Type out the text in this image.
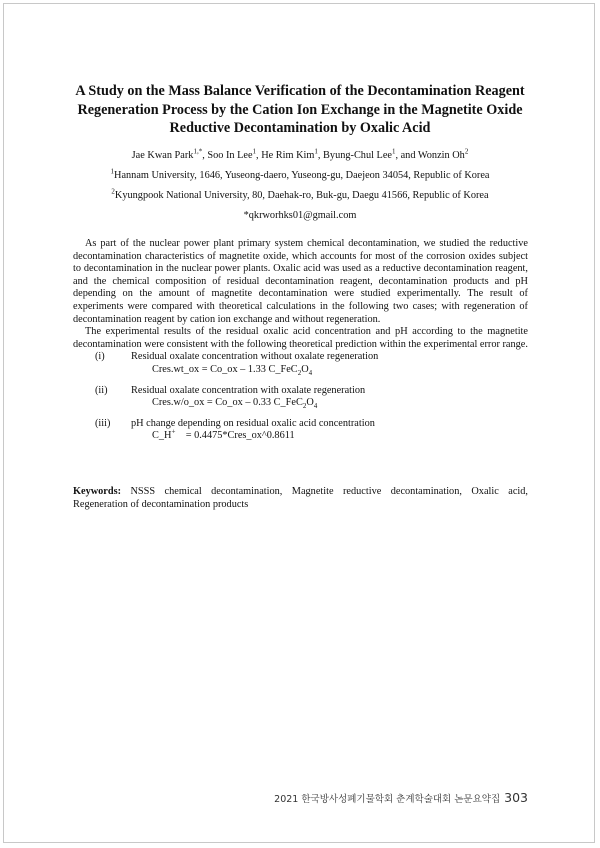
A Study on the Mass Balance Verification of the Decontamination Reagent
Regeneration Process by the Cation Ion Exchange in the Magnetite Oxide
Reductive Decontamination by Oxalic Acid
Jae Kwan Park$^{1,*}$, Soo In Lee$^1$, He Rim Kim$^1$, Byung-Chul Lee$^1$, and Wonzin Oh$^2$
$^1$Hannam University, 1646, Yuseong-daero, Yuseong-gu, Daejeon 34054, Republic of Korea
$^2$Kyungpook National University, 80, Daehak-ro, Buk-gu, Daegu 41566, Republic of Korea
*qkrworhks01@gmail.com

As part of the nuclear power plant primary system chemical decontamination, we studied the reductive decontamination characteristics of magnetite oxide, which accounts for most of the corrosion oxides subject to decontamination in the nuclear power plants. Oxalic acid was used as a reductive decontamination reagent, and the chemical composition of residual decontamination reagent, decontamination products and pH depending on the amount of magnetite decontamination were studied experimentally. The result of experiments were compared with theoretical calculations in the following two cases; with regeneration of decontamination reagent by cation ion exchange and without regeneration.

The experimental results of the residual oxalic acid concentration and pH according to the magnetite decontamination were consistent with the following theoretical prediction within the experimental error range.

(i)	Residual oxalate concentration without oxalate regeneration
Cres.wt_ox = Co_ox – 1.33 $C\_FeC_2O_4$
(ii) Residual oxalate concentration with oxalate regeneration
Cres.w/o_ox = Co_ox – 0.33 $C\_FeC_2O_4$
(iii) pH change depending on residual oxalic acid concentration
C_H+ = 0.4475*Cres_ox^0.8611
Keywords: NSSS chemical decontamination, Magnetite reductive decontamination, Oxalic acid, Regeneration of decontamination products
2021 한국방사성폐기물학회 춘계학술대회 논문요약집 303
